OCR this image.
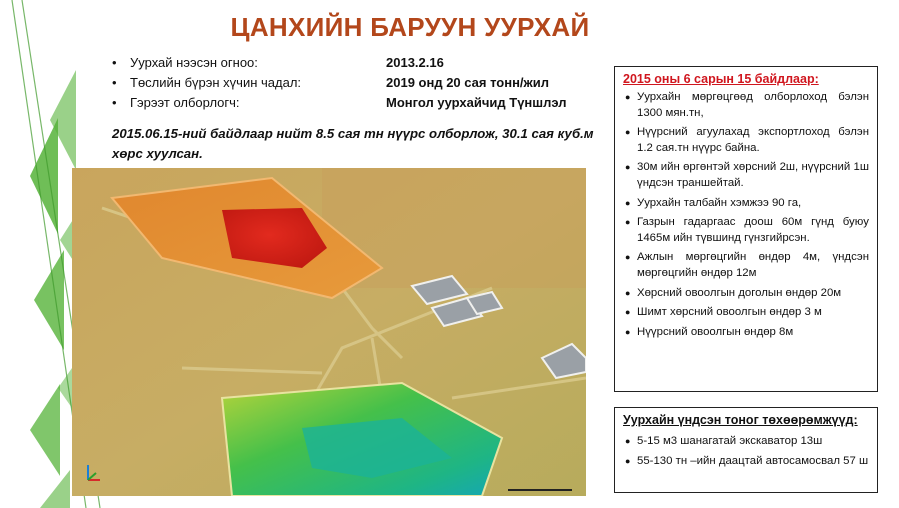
ЦАНХИЙН БАРУУН УУРХАЙ
•	Уурхай нээсэн огноо:	2013.2.16
•	Төслийн бүрэн хүчин чадал:	2019 онд 20 сая тонн/жил
•	Гэрээт олборлогч:	Монгол уурхайчид Түншлэл
2015.06.15-ний байдлаар нийт 8.5 сая тн нүүрс олборлож, 30.1 сая куб.м хөрс хуулсан.
2015 оны 6 сарын 15 байдлаар:
● Уурхайн мөргөцгөөд олборлоход бэлэн 1300 мян.тн,
● Нүүрсний агуулахад экспортлоход бэлэн 1.2 сая.тн нүүрс байна.
● 30м ийн өргөнтэй хөрсний 2ш, нүүрсний 1ш үндсэн траншейтай.
● Уурхайн талбайн хэмжээ 90 га,
● Газрын гадаргаас доош 60м гүнд буюу 1465м ийн түвшинд гүнзгийрсэн.
● Ажлын мөргөцгийн өндөр 4м, үндсэн мөргөцгийн өндөр 12м
● Хөрсний овоолгын доголын өндөр 20м
● Шимт хөрсний овоолгын өндөр 3 м
● Нүүрсний овоолгын өндөр 8м
Уурхайн үндсэн тоног төхөөрөмжүүд:
● 5-15 м3 шанагатай экскаватор 13ш
● 55-130 тн –ийн даацтай автосамосвал 57 ш
